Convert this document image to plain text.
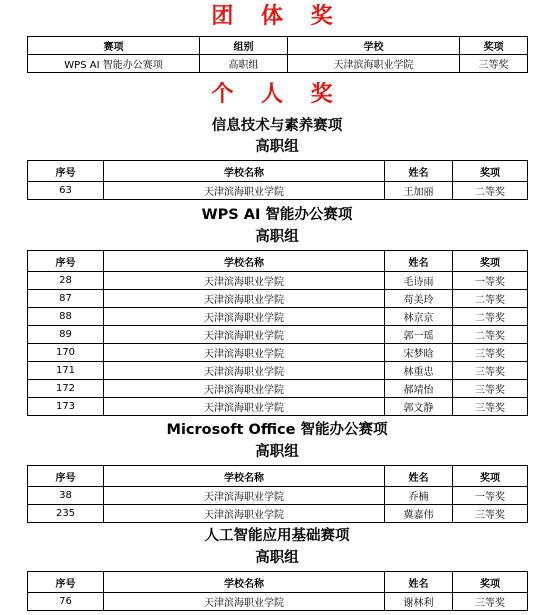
团 体 奖
赛项	组别	学校	奖项
WPS AI 智能办公赛项	高职组	天津滨海职业学院	三等奖
个 人 奖
信息技术与素养赛项
高职组
序号	学校名称	姓名	奖项
63	天津滨海职业学院	王加丽	二等奖
WPS AI 智能办公赛项
高职组
序号	学校名称	姓名	奖项
28	天津滨海职业学院	毛诗雨	一等奖
87	天津滨海职业学院	苟美玲	二等奖
88	天津滨海职业学院	林京京	二等奖
89	天津滨海职业学院	郭一瑶	二等奖
170	天津滨海职业学院	宋梦晗	三等奖
171	天津滨海职业学院	林重忠	三等奖
172	天津滨海职业学院	郝靖怡	三等奖
173	天津滨海职业学院	郭文静	三等奖
Microsoft Office 智能办公赛项
高职组
序号	学校名称	姓名	奖项
38	天津滨海职业学院	乔楠	一等奖
235	天津滨海职业学院	冀嘉伟	三等奖
人工智能应用基础赛项
高职组
序号	学校名称	姓名	奖项
76	天津滨海职业学院	谢林利	三等奖
